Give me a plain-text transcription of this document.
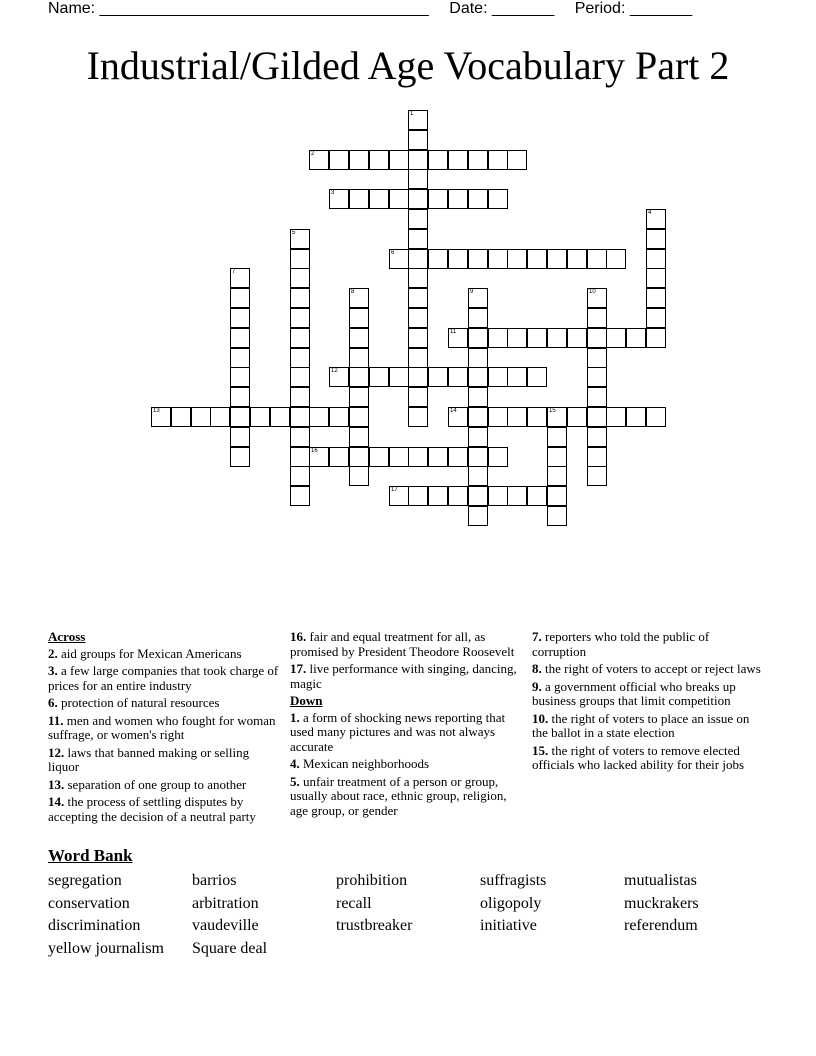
Name: _____________________________________ Date: _______ Period: _______
Industrial/Gilded Age Vocabulary Part 2
1
2
3
4
5
6
7
8	9	10
11
12
13	14	15
16
17
Across
2. aid groups for Mexican Americans
3. a few large companies that took charge of prices for an entire industry
6. protection of natural resources
11. men and women who fought for woman suffrage, or women's right
12. laws that banned making or selling liquor
13. separation of one group to another
14. the process of settling disputes by accepting the decision of a neutral party
16. fair and equal treatment for all, as promised by President Theodore Roosevelt
17. live performance with singing, dancing, magic
Down
1. a form of shocking news reporting that used many pictures and was not always accurate
4. Mexican neighborhoods
5. unfair treatment of a person or group, usually about race, ethnic group, religion, age group, or gender
7. reporters who told the public of corruption
8. the right of voters to accept or reject laws
9. a government official who breaks up business groups that limit competition
10. the right of voters to place an issue on the ballot in a state election
15. the right of voters to remove elected officials who lacked ability for their jobs
Word Bank
segregation
conservation
discrimination
yellow journalism
barrios
arbitration
vaudeville
Square deal
prohibition
recall
trustbreaker
suffragists
oligopoly
initiative
mutualistas
muckrakers
referendum
